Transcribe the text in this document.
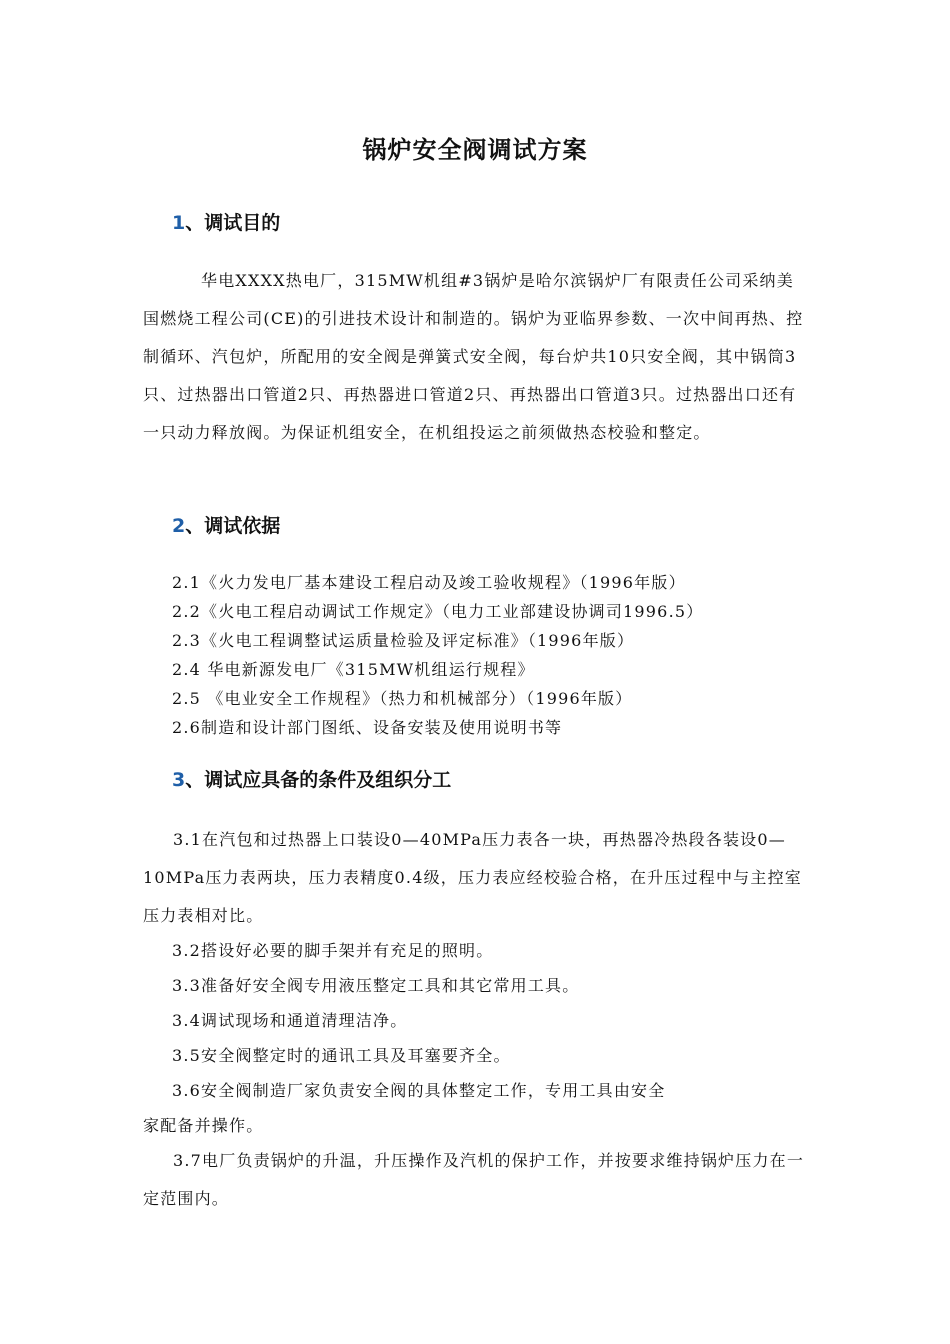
锅炉安全阀调试方案
1、调试目的
华电XXXX热电厂，315MW机组#3锅炉是哈尔滨锅炉厂有限责任公司采纳美国燃烧工程公司(CE)的引进技术设计和制造的。锅炉为亚临界参数、一次中间再热、控制循环、汽包炉，所配用的安全阀是弹簧式安全阀，每台炉共10只安全阀，其中锅筒3只、过热器出口管道2只、再热器进口管道2只、再热器出口管道3只。过热器出口还有一只动力释放阀。为保证机组安全，在机组投运之前须做热态校验和整定。
2、调试依据
2.1《火力发电厂基本建设工程启动及竣工验收规程》（1996年版）
2.2《火电工程启动调试工作规定》（电力工业部建设协调司1996.5）
2.3《火电工程调整试运质量检验及评定标准》（1996年版）
2.4 华电新源发电厂《315MW机组运行规程》
2.5 《电业安全工作规程》（热力和机械部分）（1996年版）
2.6制造和设计部门图纸、设备安装及使用说明书等
3、调试应具备的条件及组织分工
3.1在汽包和过热器上口装设0—40MPa压力表各一块，再热器冷热段各装设0—10MPa压力表两块，压力表精度0.4级，压力表应经校验合格，在升压过程中与主控室压力表相对比。
3.2搭设好必要的脚手架并有充足的照明。
3.3准备好安全阀专用液压整定工具和其它常用工具。
3.4调试现场和通道清理洁净。
3.5安全阀整定时的通讯工具及耳塞要齐全。
3.6安全阀制造厂家负责安全阀的具体整定工作，专用工具由安全
家配备并操作。
3.7电厂负责锅炉的升温，升压操作及汽机的保护工作，并按要求维持锅炉压力在一定范围内。
